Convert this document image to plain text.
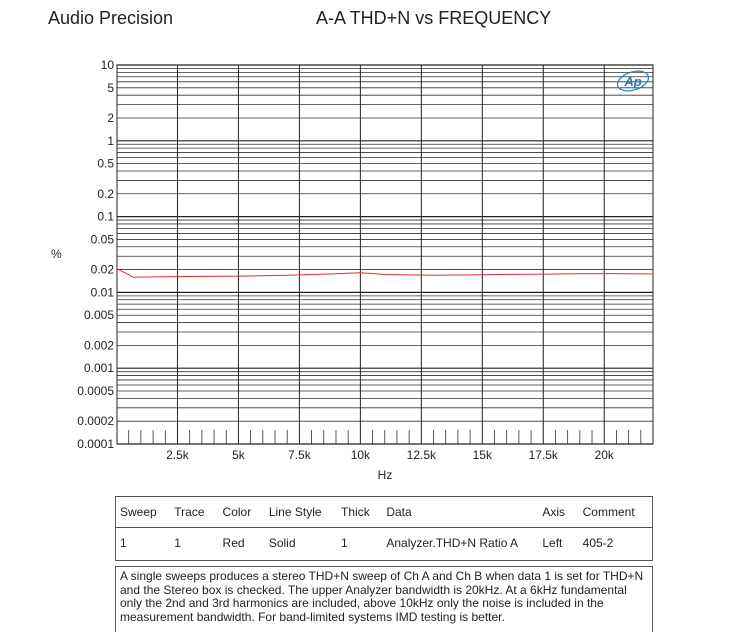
Audio Precision	A-A THD+N vs FREQUENCY
10
5
2
1
0.5
0.2
0.1
0.05
0.02
0.01
0.005
0.002
0.001
0.0005
0.0002
0.0001
2.5k	5k	7.5k	10k	12.5k	15k	17.5k	20k
%
Hz
Ap
Sweep	Trace	Color	Line Style	Thick	Data	Axis	Comment
1	1	Red	Solid	1	Analyzer.THD+N Ratio A	Left	405-2
A single sweeps produces a stereo THD+N sweep of Ch A and Ch B when data 1 is set for THD+N and the Stereo box is checked. The upper Analyzer bandwidth is 20kHz. At a 6kHz fundamental only the 2nd and 3rd harmonics are included, above 10kHz only the noise is included in the measurement bandwidth. For band-limited systems IMD testing is better.
